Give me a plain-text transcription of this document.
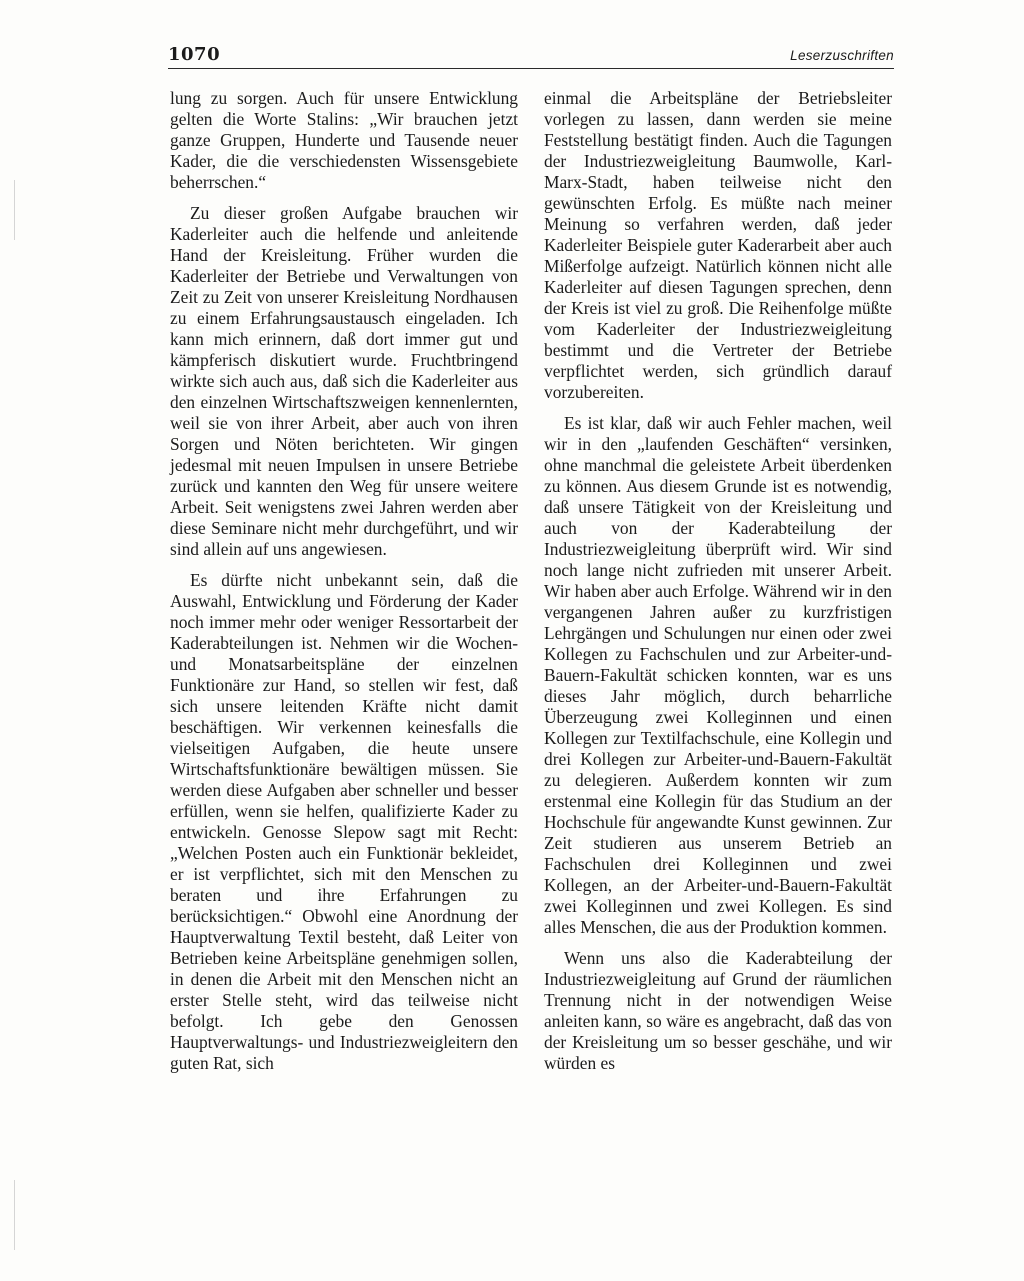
1070	Leserzuschriften

lung zu sorgen. Auch für unsere Entwicklung gelten die Worte Stalins: „Wir brauchen jetzt ganze Gruppen, Hunderte und Tausende neuer Kader, die die verschiedensten Wissensgebiete beherrschen.“

Zu dieser großen Aufgabe brauchen wir Kaderleiter auch die helfende und anleitende Hand der Kreisleitung. Früher wurden die Kaderleiter der Betriebe und Verwaltungen von Zeit zu Zeit von unserer Kreisleitung Nordhausen zu einem Erfahrungsaustausch eingeladen. Ich kann mich erinnern, daß dort immer gut und kämpferisch diskutiert wurde. Fruchtbringend wirkte sich auch aus, daß sich die Kaderleiter aus den einzelnen Wirtschaftszweigen kennenlernten, weil sie von ihrer Arbeit, aber auch von ihren Sorgen und Nöten berichteten. Wir gingen jedesmal mit neuen Impulsen in unsere Betriebe zurück und kannten den Weg für unsere weitere Arbeit. Seit wenigstens zwei Jahren werden aber diese Seminare nicht mehr durchgeführt, und wir sind allein auf uns angewiesen.

Es dürfte nicht unbekannt sein, daß die Auswahl, Entwicklung und Förderung der Kader noch immer mehr oder weniger Ressortarbeit der Kaderabteilungen ist. Nehmen wir die Wochen- und Monatsarbeitspläne der einzelnen Funktionäre zur Hand, so stellen wir fest, daß sich unsere leitenden Kräfte nicht damit beschäftigen. Wir verkennen keinesfalls die vielseitigen Aufgaben, die heute unsere Wirtschaftsfunktionäre bewältigen müssen. Sie werden diese Aufgaben aber schneller und besser erfüllen, wenn sie helfen, qualifizierte Kader zu entwickeln. Genosse Slepow sagt mit Recht: „Welchen Posten auch ein Funktionär bekleidet, er ist verpflichtet, sich mit den Menschen zu beraten und ihre Erfahrungen zu berücksichtigen.“ Obwohl eine Anordnung der Hauptverwaltung Textil besteht, daß Leiter von Betrieben keine Arbeitspläne genehmigen sollen, in denen die Arbeit mit den Menschen nicht an erster Stelle steht, wird das teilweise nicht befolgt. Ich gebe den Genossen Hauptverwaltungs- und Industriezweigleitern den guten Rat, sich

einmal die Arbeitspläne der Betriebsleiter vorlegen zu lassen, dann werden sie meine Feststellung bestätigt finden. Auch die Tagungen der Industriezweigleitung Baumwolle, Karl-Marx-Stadt, haben teilweise nicht den gewünschten Erfolg. Es müßte nach meiner Meinung so verfahren werden, daß jeder Kaderleiter Beispiele guter Kaderarbeit aber auch Mißerfolge aufzeigt. Natürlich können nicht alle Kaderleiter auf diesen Tagungen sprechen, denn der Kreis ist viel zu groß. Die Reihenfolge müßte vom Kaderleiter der Industriezweigleitung bestimmt und die Vertreter der Betriebe verpflichtet werden, sich gründlich darauf vorzubereiten.

Es ist klar, daß wir auch Fehler machen, weil wir in den „laufenden Geschäften“ versinken, ohne manchmal die geleistete Arbeit überdenken zu können. Aus diesem Grunde ist es notwendig, daß unsere Tätigkeit von der Kreisleitung und auch von der Kaderabteilung der Industriezweigleitung überprüft wird. Wir sind noch lange nicht zufrieden mit unserer Arbeit. Wir haben aber auch Erfolge. Während wir in den vergangenen Jahren außer zu kurzfristigen Lehrgängen und Schulungen nur einen oder zwei Kollegen zu Fachschulen und zur Arbeiter-und-Bauern-Fakultät schicken konnten, war es uns dieses Jahr möglich, durch beharrliche Überzeugung zwei Kolleginnen und einen Kollegen zur Textilfachschule, eine Kollegin und drei Kollegen zur Arbeiter-und-Bauern-Fakultät zu delegieren. Außerdem konnten wir zum erstenmal eine Kollegin für das Studium an der Hochschule für angewandte Kunst gewinnen. Zur Zeit studieren aus unserem Betrieb an Fachschulen drei Kolleginnen und zwei Kollegen, an der Arbeiter-und-Bauern-Fakultät zwei Kolleginnen und zwei Kollegen. Es sind alles Menschen, die aus der Produktion kommen.

Wenn uns also die Kaderabteilung der Industriezweigleitung auf Grund der räumlichen Trennung nicht in der notwendigen Weise anleiten kann, so wäre es angebracht, daß das von der Kreisleitung um so besser geschähe, und wir würden es
